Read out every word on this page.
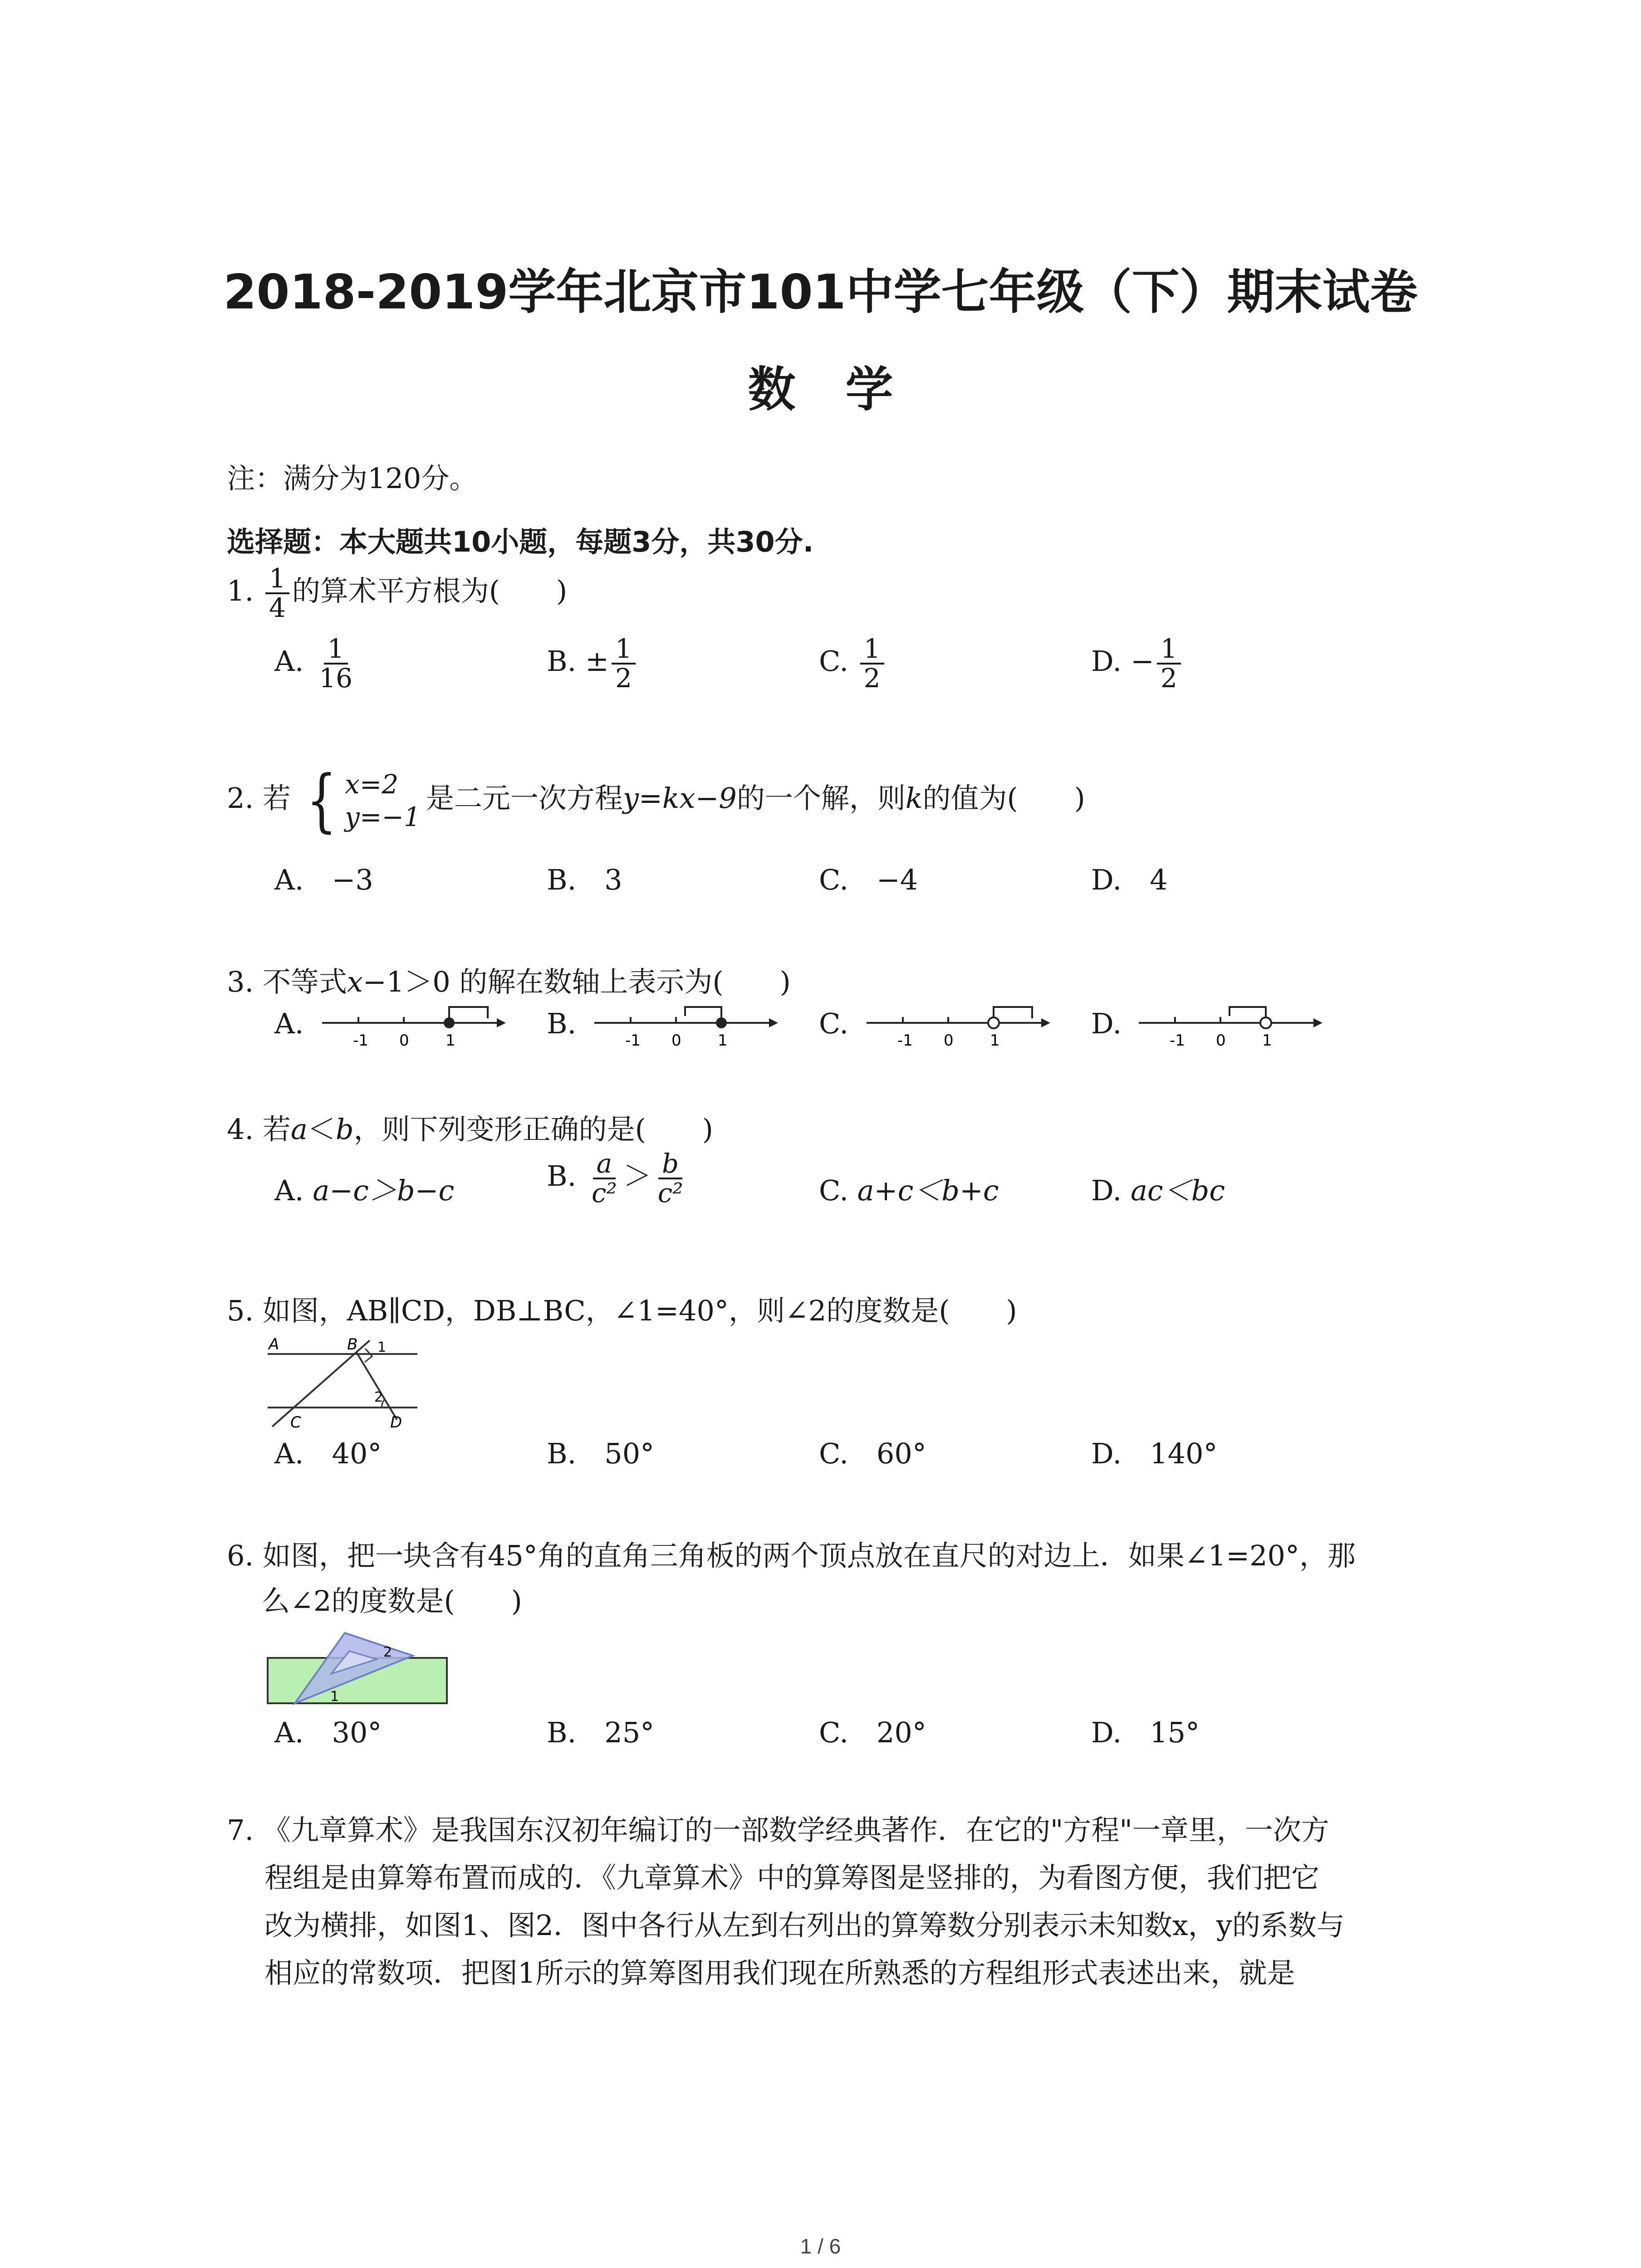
2018-2019学年北京市101中学七年级（下）期末试卷
数学
注：满分为120分。
选择题：本大题共10小题，每题3分，共30分.
1. $\frac{1}{4}$ 的算术平方根为(　　)
A. $\frac{1}{16}$	B. ± $\frac{1}{2}$	C. $\frac{1}{2}$	D. − $\frac{1}{2}$
2. 若 { x=2
y=−1
是二元一次方程y=kx−9的一个解，则k的值为(　　)
A.　−3	B.　3	C.　−4	D.　4
3. 不等式x−1＞0 的解在数轴上表示为(　　)
A.	B.	C.	D.
-1 0 1	-1 0 1	-1 0 1	-1 0 1
4. 若a＜b，则下列变形正确的是(　　)
A. a−c＞b−c	B. $\frac{a}{\text{c²}} > \frac{b}{\text{c²}}$	C. a+c＜b+c	D. ac＜bc
5. 如图，AB∥CD，DB⊥BC，∠1=40°，则∠2的度数是(　　)
A	B
C	D
1
2
A.　40°	B.　50°	C.　60°	D.　140°
6. 如图，把一块含有45°角的直角三角板的两个顶点放在直尺的对边上．如果∠1=20°，那
么∠2的度数是(　　)
2
1
A.　30°	B.　25°	C.　20°	D.　15°
7. 《九章算术》是我国东汉初年编订的一部数学经典著作．在它的"方程"一章里，一次方
程组是由算筹布置而成的．《九章算术》中的算筹图是竖排的，为看图方便，我们把它
改为横排，如图1、图2．图中各行从左到右列出的算筹数分别表示未知数x，y的系数与
相应的常数项．把图1所示的算筹图用我们现在所熟悉的方程组形式表述出来，就是
1 / 6
